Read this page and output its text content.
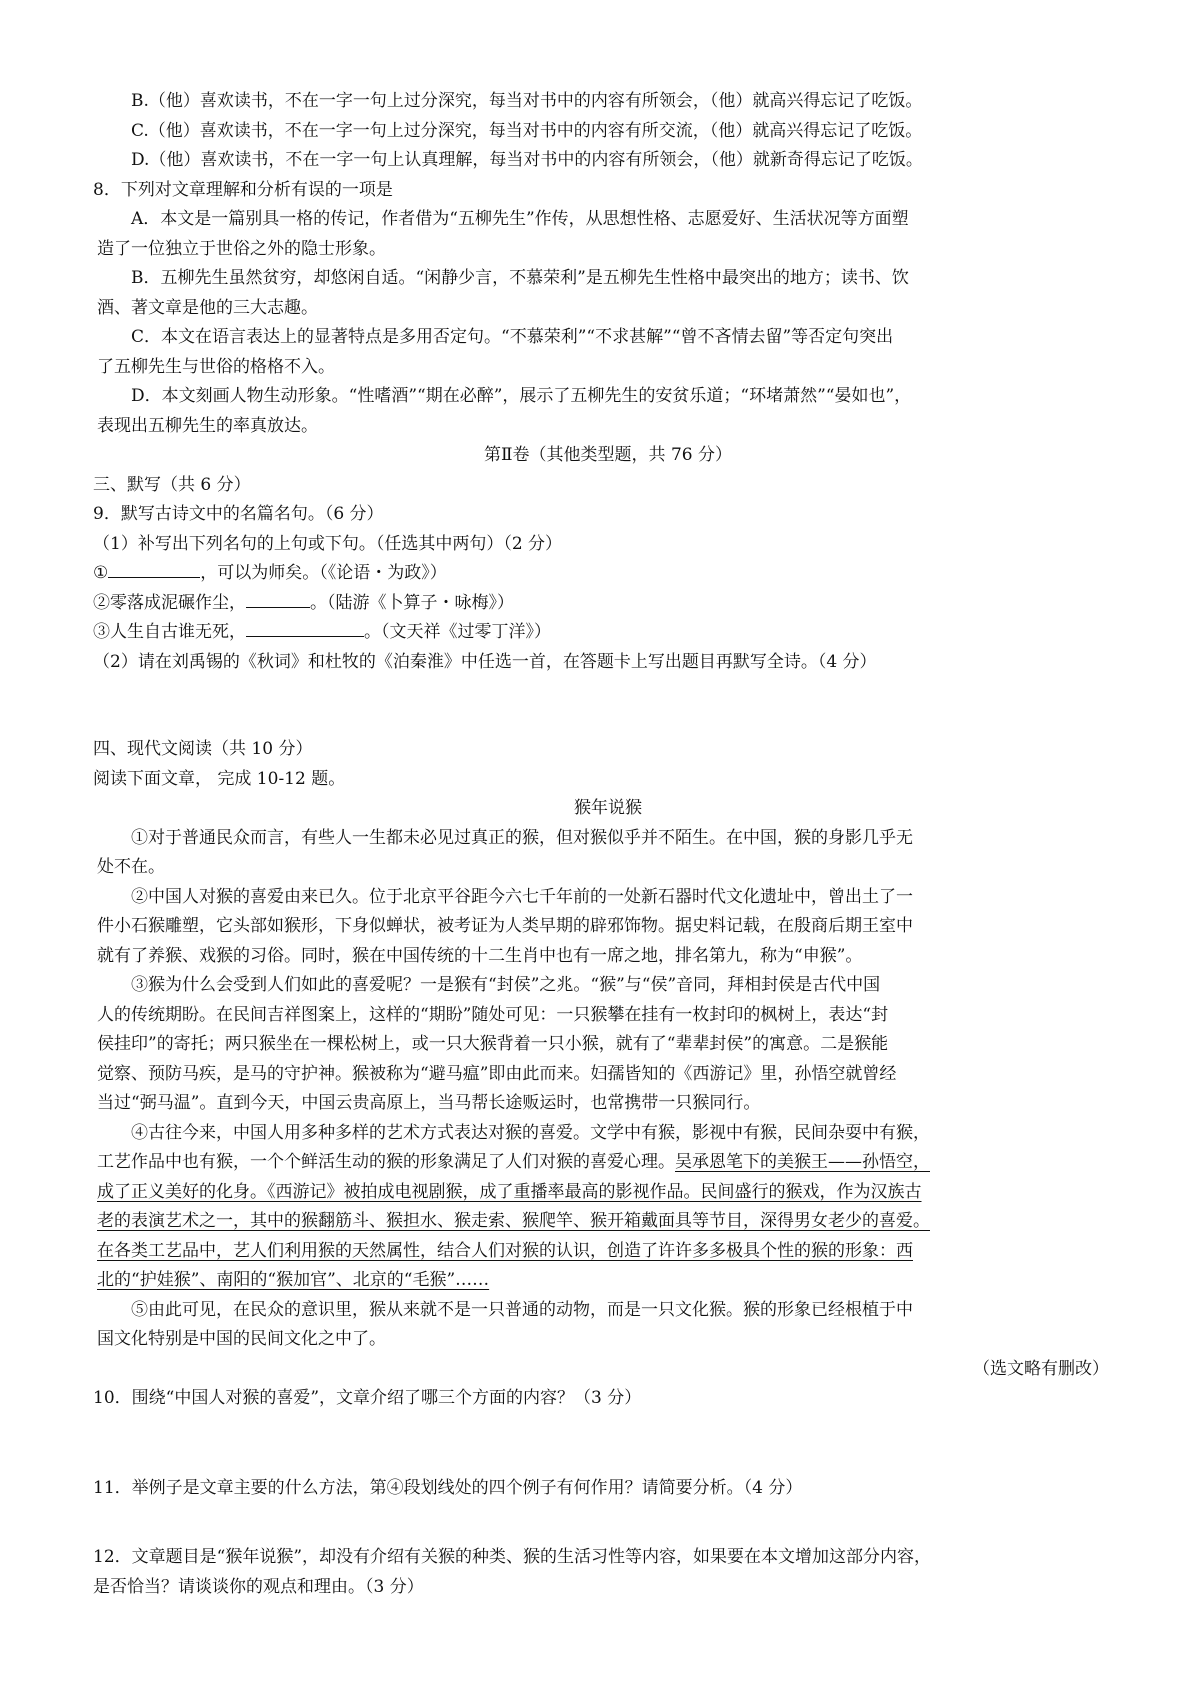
B.（他）喜欢读书，不在一字一句上过分深究，每当对书中的内容有所领会，（他）就高兴得忘记了吃饭。

C.（他）喜欢读书，不在一字一句上过分深究，每当对书中的内容有所交流，（他）就高兴得忘记了吃饭。

D.（他）喜欢读书，不在一字一句上认真理解，每当对书中的内容有所领会，（他）就新奇得忘记了吃饭。

8．下列对文章理解和分析有误的一项是

A．本文是一篇别具一格的传记，作者借为“五柳先生”作传，从思想性格、志愿爱好、生活状况等方面塑

造了一位独立于世俗之外的隐士形象。

B．五柳先生虽然贫穷，却悠闲自适。“闲静少言，不慕荣利”是五柳先生性格中最突出的地方；读书、饮

酒、著文章是他的三大志趣。

C．本文在语言表达上的显著特点是多用否定句。“不慕荣利”“不求甚解”“曾不吝情去留”等否定句突出

了五柳先生与世俗的格格不入。

D．本文刻画人物生动形象。“性嗜酒”“期在必醉”，展示了五柳先生的安贫乐道；“环堵萧然”“晏如也”，

表现出五柳先生的率真放达。

第Ⅱ卷（其他类型题，共 76 分）

三、默写（共 6 分）

9．默写古诗文中的名篇名句。（6 分）

（1）补写出下列名句的上句或下句。（任选其中两句）（2 分）

①	，可以为师矣。（《论语・为政》）

②零落成泥碾作尘，	。（陆游《卜算子・咏梅》）

③人生自古谁无死，	。（文天祥《过零丁洋》）

（2）请在刘禹锡的《秋词》和杜牧的《泊秦淮》中任选一首，在答题卡上写出题目再默写全诗。（4 分）

四、现代文阅读（共 10 分）

阅读下面文章， 完成 10-12 题。

猴年说猴

①对于普通民众而言，有些人一生都未必见过真正的猴，但对猴似乎并不陌生。在中国，猴的身影几乎无

处不在。

②中国人对猴的喜爱由来已久。位于北京平谷距今六七千年前的一处新石器时代文化遗址中，曾出土了一

件小石猴雕塑，它头部如猴形，下身似蝉状，被考证为人类早期的辟邪饰物。据史料记载，在殷商后期王室中

就有了养猴、戏猴的习俗。同时，猴在中国传统的十二生肖中也有一席之地，排名第九，称为“申猴”。

③猴为什么会受到人们如此的喜爱呢？一是猴有“封侯”之兆。“猴”与“侯”音同，拜相封侯是古代中国

人的传统期盼。在民间吉祥图案上，这样的“期盼”随处可见：一只猴攀在挂有一枚封印的枫树上，表达“封

侯挂印”的寄托；两只猴坐在一棵松树上，或一只大猴背着一只小猴，就有了“辈辈封侯”的寓意。二是猴能

觉察、预防马疾，是马的守护神。猴被称为“避马瘟”即由此而来。妇孺皆知的《西游记》里，孙悟空就曾经

当过“弼马温”。直到今天，中国云贵高原上，当马帮长途贩运时，也常携带一只猴同行。

④古往今来，中国人用多种多样的艺术方式表达对猴的喜爱。文学中有猴，影视中有猴，民间杂耍中有猴，

工艺作品中也有猴，一个个鲜活生动的猴的形象满足了人们对猴的喜爱心理。吴承恩笔下的美猴王——孙悟空，

成了正义美好的化身。《西游记》被拍成电视剧猴，成了重播率最高的影视作品。民间盛行的猴戏，作为汉族古

老的表演艺术之一，其中的猴翻筋斗、猴担水、猴走索、猴爬竿、猴开箱戴面具等节目，深得男女老少的喜爱。

在各类工艺品中，艺人们利用猴的天然属性，结合人们对猴的认识，创造了许许多多极具个性的猴的形象：西

北的“护娃猴”、南阳的“猴加官”、北京的“毛猴”……

⑤由此可见，在民众的意识里，猴从来就不是一只普通的动物，而是一只文化猴。猴的形象已经根植于中

国文化特别是中国的民间文化之中了。

（选文略有删改）

10．围绕“中国人对猴的喜爱”，文章介绍了哪三个方面的内容？（3 分）

11．举例子是文章主要的什么方法，第④段划线处的四个例子有何作用？请简要分析。（4 分）

12．文章题目是“猴年说猴”，却没有介绍有关猴的种类、猴的生活习性等内容，如果要在本文增加这部分内容，

是否恰当？请谈谈你的观点和理由。（3 分）
